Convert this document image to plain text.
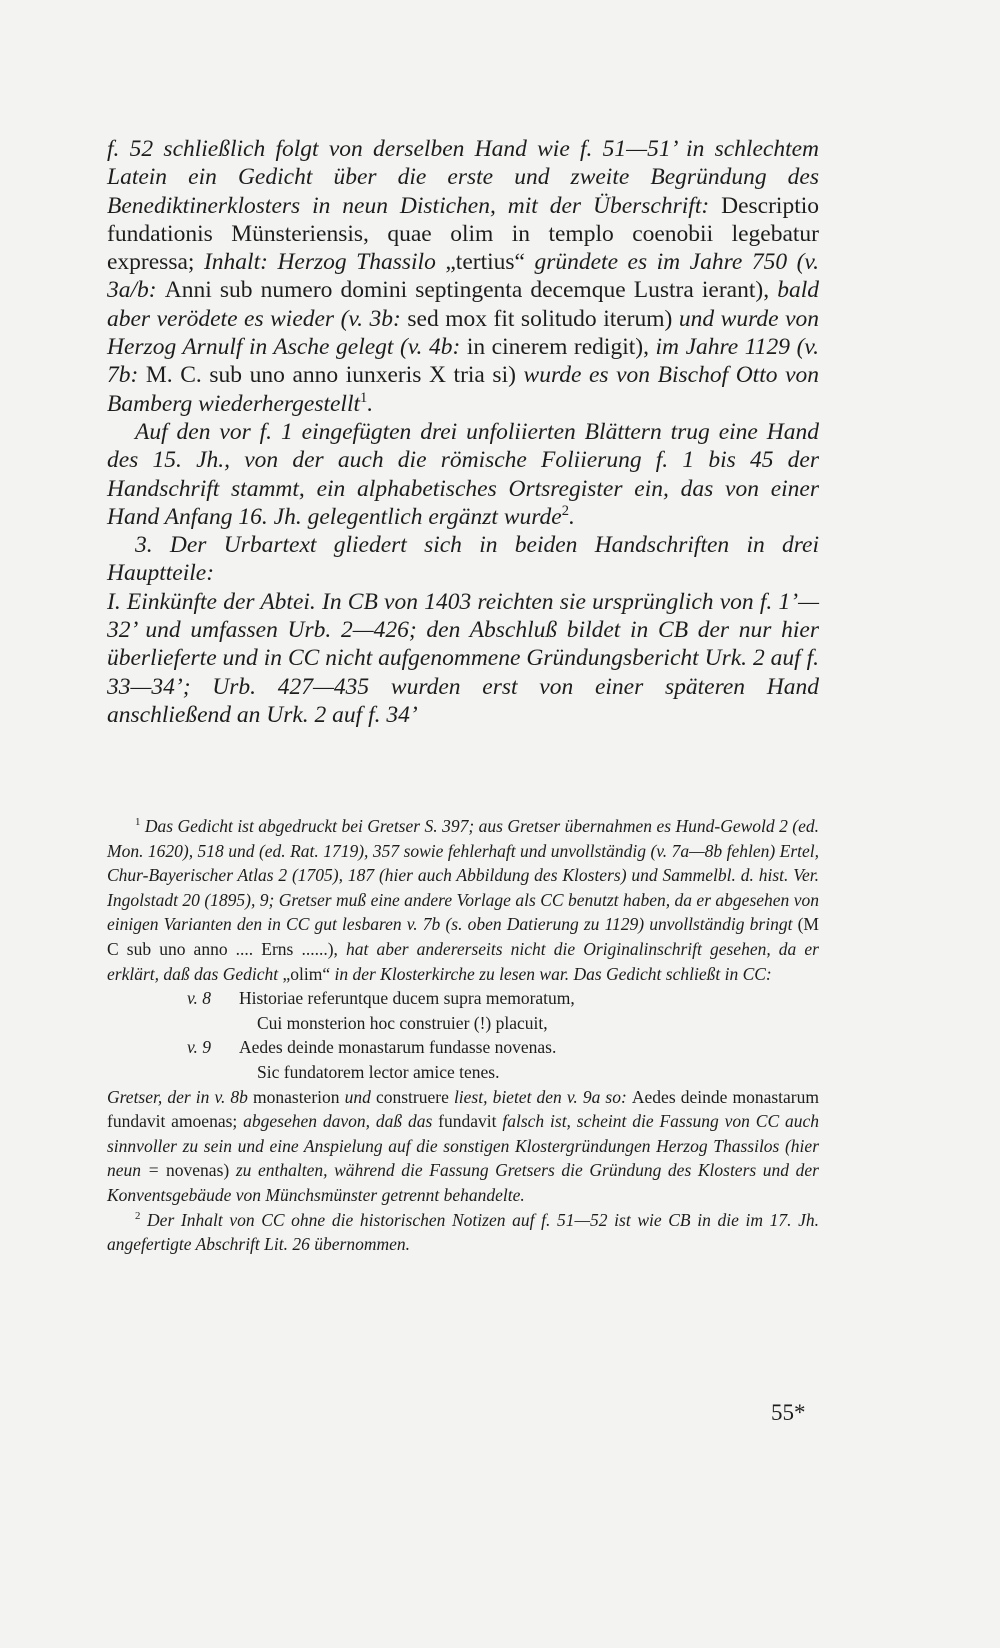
f. 52 schließlich folgt von derselben Hand wie f. 51—51’ in schlechtem Latein ein Gedicht über die erste und zweite Begründung des Benediktinerklosters in neun Distichen, mit der Überschrift: Descriptio fundationis Münsteriensis, quae olim in templo coenobii legebatur expressa; Inhalt: Herzog Thassilo „tertius“ gründete es im Jahre 750 (v. 3a/b: Anni sub numero domini septingenta decemque Lustra ierant), bald aber verödete es wieder (v. 3b: sed mox fit solitudo iterum) und wurde von Herzog Arnulf in Asche gelegt (v. 4b: in cinerem redigit), im Jahre 1129 (v. 7b: M. C. sub uno anno iunxeris X tria si) wurde es von Bischof Otto von Bamberg wiederhergestellt$^1$.

Auf den vor f. 1 eingefügten drei unfoliierten Blättern trug eine Hand des 15. Jh., von der auch die römische Foliierung f. 1 bis 45 der Handschrift stammt, ein alphabetisches Ortsregister ein, das von einer Hand Anfang 16. Jh. gelegentlich ergänzt wurde$^2$.

3. Der Urbartext gliedert sich in beiden Handschriften in drei Hauptteile:

I. Einkünfte der Abtei. In CB von 1403 reichten sie ursprünglich von f. 1’—32’ und umfassen Urb. 2—426; den Abschluß bildet in CB der nur hier überlieferte und in CC nicht aufgenommene Gründungsbericht Urk. 2 auf f. 33—34’; Urb. 427—435 wurden erst von einer späteren Hand anschließend an Urk. 2 auf f. 34’

$^1$ Das Gedicht ist abgedruckt bei Gretser S. 397; aus Gretser übernahmen es Hund-Gewold 2 (ed. Mon. 1620), 518 und (ed. Rat. 1719), 357 sowie fehlerhaft und unvollständig (v. 7a—8b fehlen) Ertel, Chur-Bayerischer Atlas 2 (1705), 187 (hier auch Abbildung des Klosters) und Sammelbl. d. hist. Ver. Ingolstadt 20 (1895), 9; Gretser muß eine andere Vorlage als CC benutzt haben, da er abgesehen von einigen Varianten den in CC gut lesbaren v. 7b (s. oben Datierung zu 1129) unvollständig bringt (M C sub uno anno .... Erns ......), hat aber andererseits nicht die Originalinschrift gesehen, da er erklärt, daß das Gedicht „olim“ in der Klosterkirche zu lesen war. Das Gedicht schließt in CC:

v. 8 Historiae referuntque ducem supra memoratum,
Cui monsterion hoc construier (!) placuit,
v. 9 Aedes deinde monastarum fundasse novenas.
Sic fundatorem lector amice tenes.

Gretser, der in v. 8b monasterion und construere liest, bietet den v. 9a so: Aedes deinde monastarum fundavit amoenas; abgesehen davon, daß das fundavit falsch ist, scheint die Fassung von CC auch sinnvoller zu sein und eine Anspielung auf die sonstigen Klostergründungen Herzog Thassilos (hier neun = novenas) zu enthalten, während die Fassung Gretsers die Gründung des Klosters und der Konventsgebäude von Münchsmünster getrennt behandelte.

$^2$ Der Inhalt von CC ohne die historischen Notizen auf f. 51—52 ist wie CB in die im 17. Jh. angefertigte Abschrift Lit. 26 übernommen.

55*
